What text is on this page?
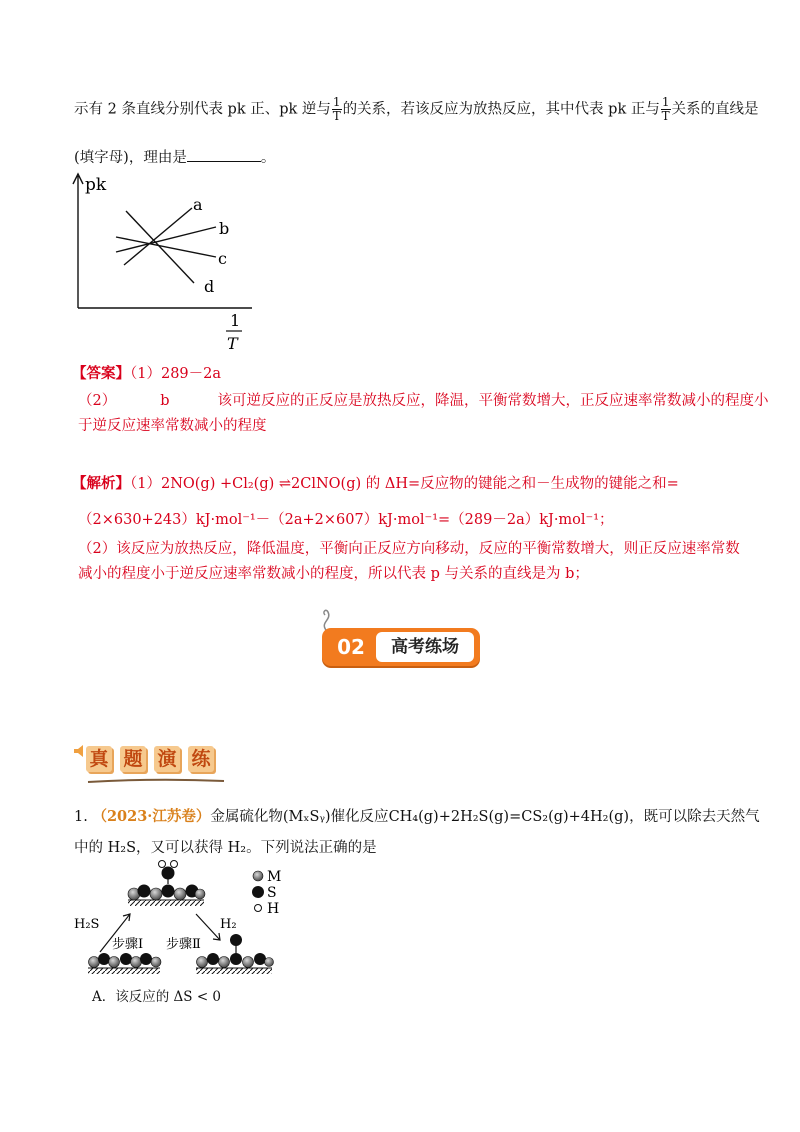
示有 2 条直线分别代表 pk 正、pk 逆与 $\frac{1}{T}$ 的关系，若该反应为放热反应，其中代表 pk 正与 $\frac{1}{T}$ 关系的直线是
(填字母)，理由是	。
pk
a
b
c
d
1
T
【答案】（1）289－2a
（2）	b	该可逆反应的正反应是放热反应，降温，平衡常数增大，正反应速率常数减小的程度小
于逆反应速率常数减小的程度
【解析】（1）2NO(g) +Cl₂(g) ⇌2ClNO(g) 的 ΔH=反应物的键能之和－生成物的键能之和=
（2×630+243）kJ·mol⁻¹－（2a+2×607）kJ·mol⁻¹=（289－2a）kJ·mol⁻¹；
（2）该反应为放热反应，降低温度，平衡向正反应方向移动，反应的平衡常数增大，则正反应速率常数
减小的程度小于逆反应速率常数减小的程度，所以代表 p 与关系的直线是为 b；
02	高考练场
真 题 演 练
1. （2023·江苏卷）金属硫化物(MₓSᵧ)催化反应CH₄(g)+2H₂S(g)=CS₂(g)+4H₂(g)，既可以除去天然气
中的 H₂S，又可以获得 H₂。下列说法正确的是
M
S
H
H₂S	H₂
步骤Ⅰ 步骤Ⅱ
A．该反应的 ΔS < 0
